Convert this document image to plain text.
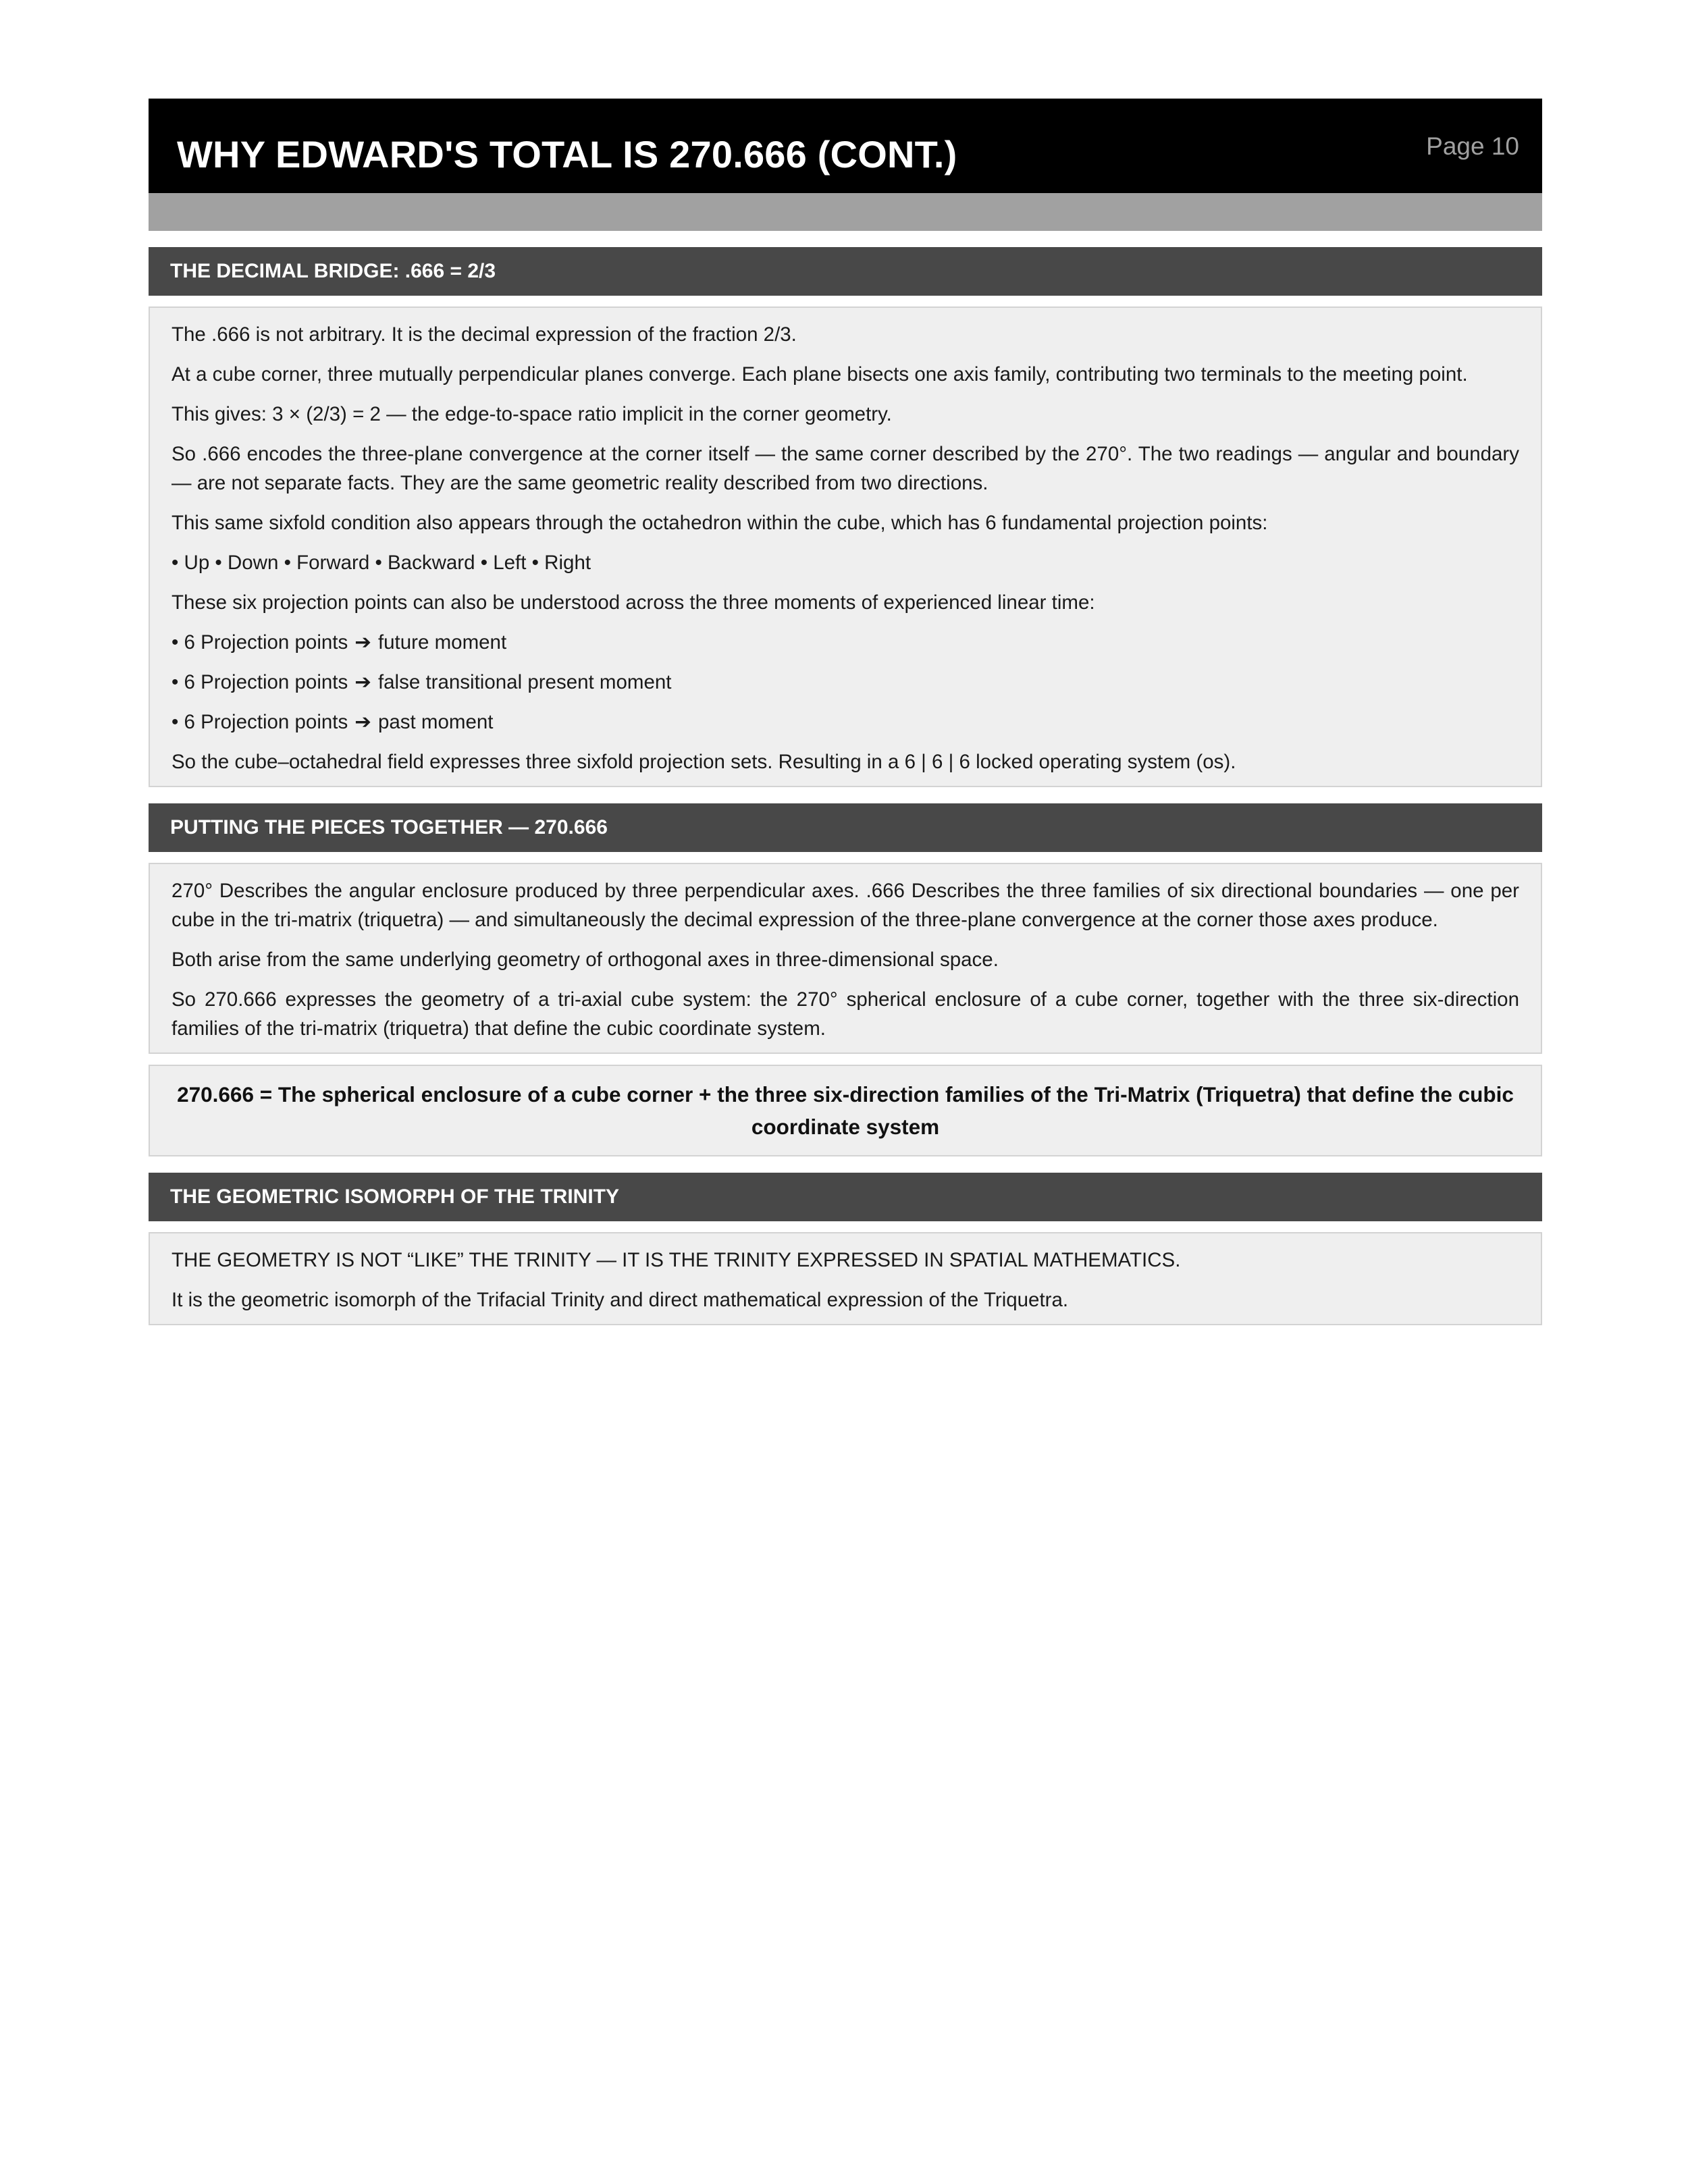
WHY EDWARD'S TOTAL IS 270.666 (CONT.)	Page 10
THE DECIMAL BRIDGE: .666 = 2/3

The .666 is not arbitrary. It is the decimal expression of the fraction 2/3.

At a cube corner, three mutually perpendicular planes converge. Each plane bisects one axis family, contributing two terminals to the meeting point.

This gives: 3 × (2/3) = 2 — the edge-to-space ratio implicit in the corner geometry.

So .666 encodes the three-plane convergence at the corner itself — the same corner described by the 270°. The two readings — angular and boundary — are not separate facts. They are the same geometric reality described from two directions.

This same sixfold condition also appears through the octahedron within the cube, which has 6 fundamental projection points:

• Up • Down • Forward • Backward • Left • Right

These six projection points can also be understood across the three moments of experienced linear time:

• 6 Projection points ➔ future moment

• 6 Projection points ➔ false transitional present moment

• 6 Projection points ➔ past moment

So the cube–octahedral field expresses three sixfold projection sets. Resulting in a 6 | 6 | 6 locked operating system (os).

PUTTING THE PIECES TOGETHER — 270.666

270° Describes the angular enclosure produced by three perpendicular axes. .666 Describes the three families of six directional boundaries — one per cube in the tri-matrix (triquetra) — and simultaneously the decimal expression of the three-plane convergence at the corner those axes produce.

Both arise from the same underlying geometry of orthogonal axes in three-dimensional space.

So 270.666 expresses the geometry of a tri-axial cube system: the 270° spherical enclosure of a cube corner, together with the three six-direction families of the tri-matrix (triquetra) that define the cubic coordinate system.

270.666 = The spherical enclosure of a cube corner + the three six-direction families of the Tri-Matrix (Triquetra) that define the cubic coordinate system
THE GEOMETRIC ISOMORPH OF THE TRINITY

THE GEOMETRY IS NOT “LIKE” THE TRINITY — IT IS THE TRINITY EXPRESSED IN SPATIAL MATHEMATICS.

It is the geometric isomorph of the Trifacial Trinity and direct mathematical expression of the Triquetra.
